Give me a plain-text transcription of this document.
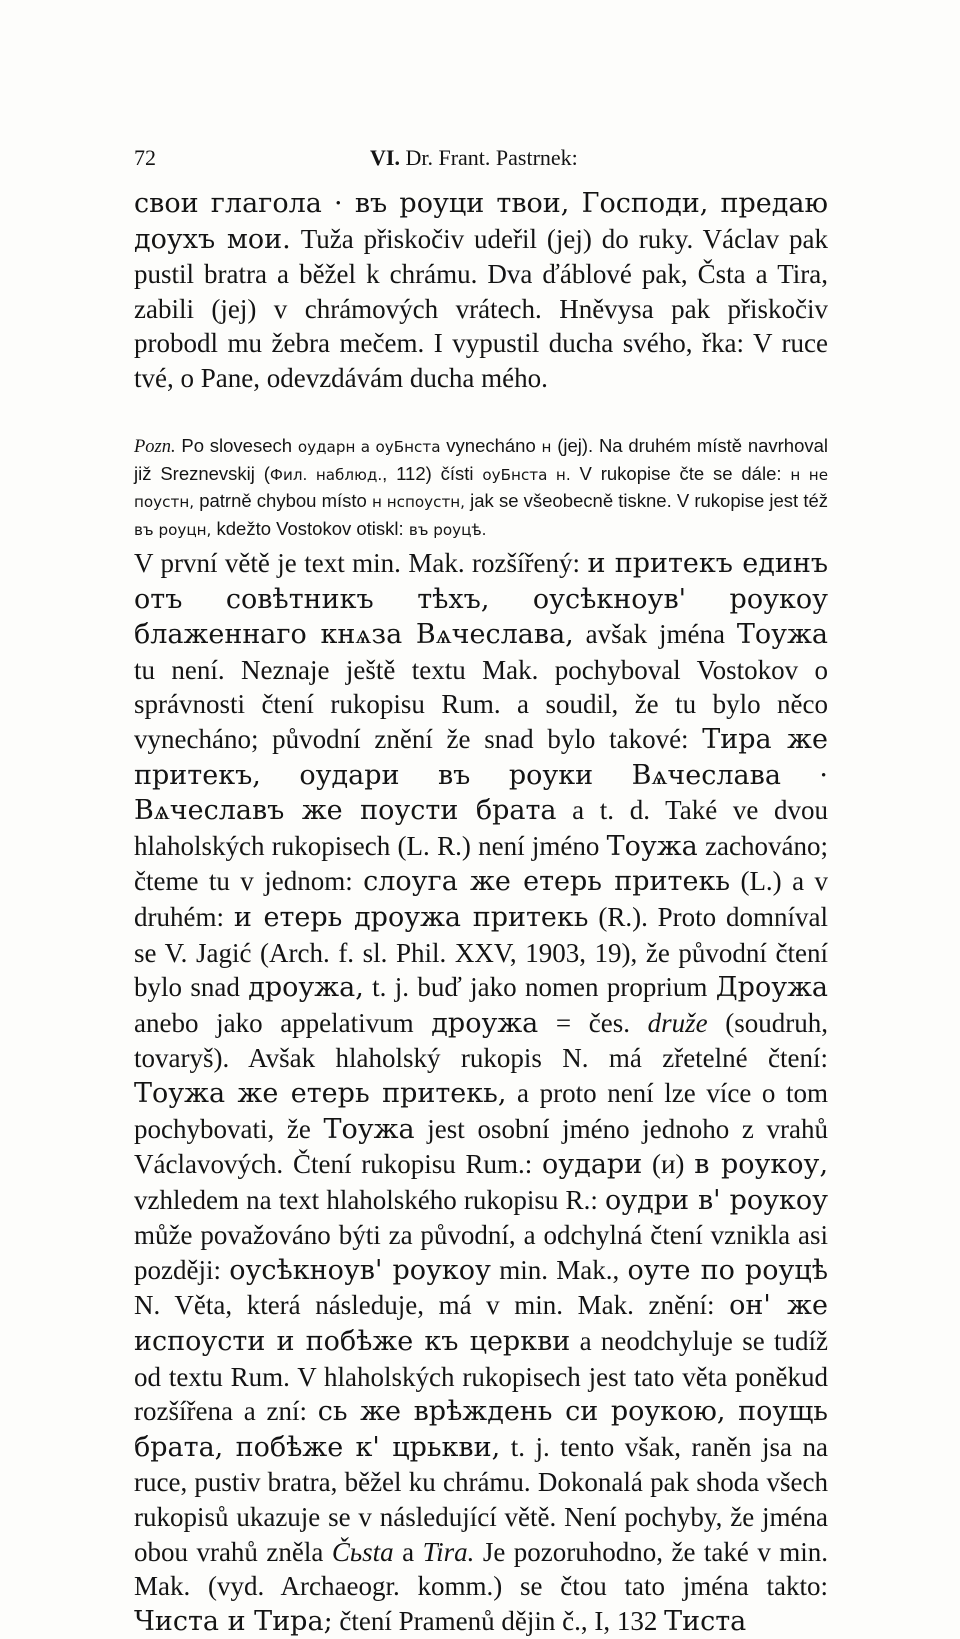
72	VI. Dr. Frant. Pastrnek:

свои глагола · въ роуци твои, Господи, предаю доухъ мои. Tuža přiskočiv udeřil (jej) do ruky. Václav pak pustil bratra a běžel k chrámu. Dva ďáblové pak, Čsta a Tira, zabili (jej) v chrámových vrátech. Hněvysa pak přiskočiv probodl mu žebra mečem. I vypustil ducha svého, řka: V ruce tvé, o Pane, odevzdávám ducha mého.

Pozn. Po slovesech оударн а оуБнста vynecháno н (jej). Na druhém místě navrhoval již Sreznevskij (Фил. наблюд., 112) čísti оуБнста н. V rukopise čte se dále: н не поустн, patrně chybou místo н нспоустн, jak se všeobecně tiskne. V rukopise jest též въ роуцн, kdežto Vostokov otiskl: въ роуцѣ.

V první větě je text min. Mak. rozšířený: и притекъ единъ отъ совѣтникъ тѣхъ, оусѣкноув' роукоу блаженнаго кнѧза Вѧчеслава, avšak jména Тоужа tu není. Neznaje ještě textu Mak. pochyboval Vostokov o správnosti čtení rukopisu Rum. a soudil, že tu bylo něco vynecháno; původní znění že snad bylo takové: Тира же притекъ, оудари въ роуки Вѧчеслава · Вѧчеславъ же поусти брата a t. d. Také ve dvou hlaholských rukopisech (L. R.) není jméno Тоужа zachováno; čteme tu v jednom: слоуга же етерь притекь (L.) a v druhém: и етерь дроужа притекь (R.). Proto domníval se V. Jagić (Arch. f. sl. Phil. XXV, 1903, 19), že původní čtení bylo snad дроужа, t. j. buď jako nomen proprium Дроужа anebo jako appelativum дроужа = čes. druže (soudruh, tovaryš). Avšak hlaholský rukopis N. má zřetelné čtení: Тоужа же етерь притекь, a proto není lze více o tom pochybovati, že Тоужа jest osobní jméno jednoho z vrahů Václavových. Čtení rukopisu Rum.: оудари (и) в роукоу, vzhledem na text hlaholského rukopisu R.: оудри в' роукоу může považováno býti za původní, a odchylná čtení vznikla asi později: оусѣкноув' роукоу min. Mak., оуте по роуцѣ N. Věta, která následuje, má v min. Mak. znění: он' же испоусти и побѣже къ церкви a neodchyluje se tudíž od textu Rum. V hlaholských rukopisech jest tato věta poněkud rozšířena a zní: сь же врѣждень си роукою, поущь брата, побѣже к' црькви, t. j. tento však, raněn jsa na ruce, pustiv bratra, běžel ku chrámu. Dokonalá pak shoda všech rukopisů ukazuje se v následující větě. Není pochyby, že jména obou vrahů zněla Čьsta a Tira. Je pozoruhodno, že také v min. Mak. (vyd. Archaeogr. komm.) se čtou tato jména takto: Чиста и Тира; čtení Pramenů dějin č., I, 132 Тиста
